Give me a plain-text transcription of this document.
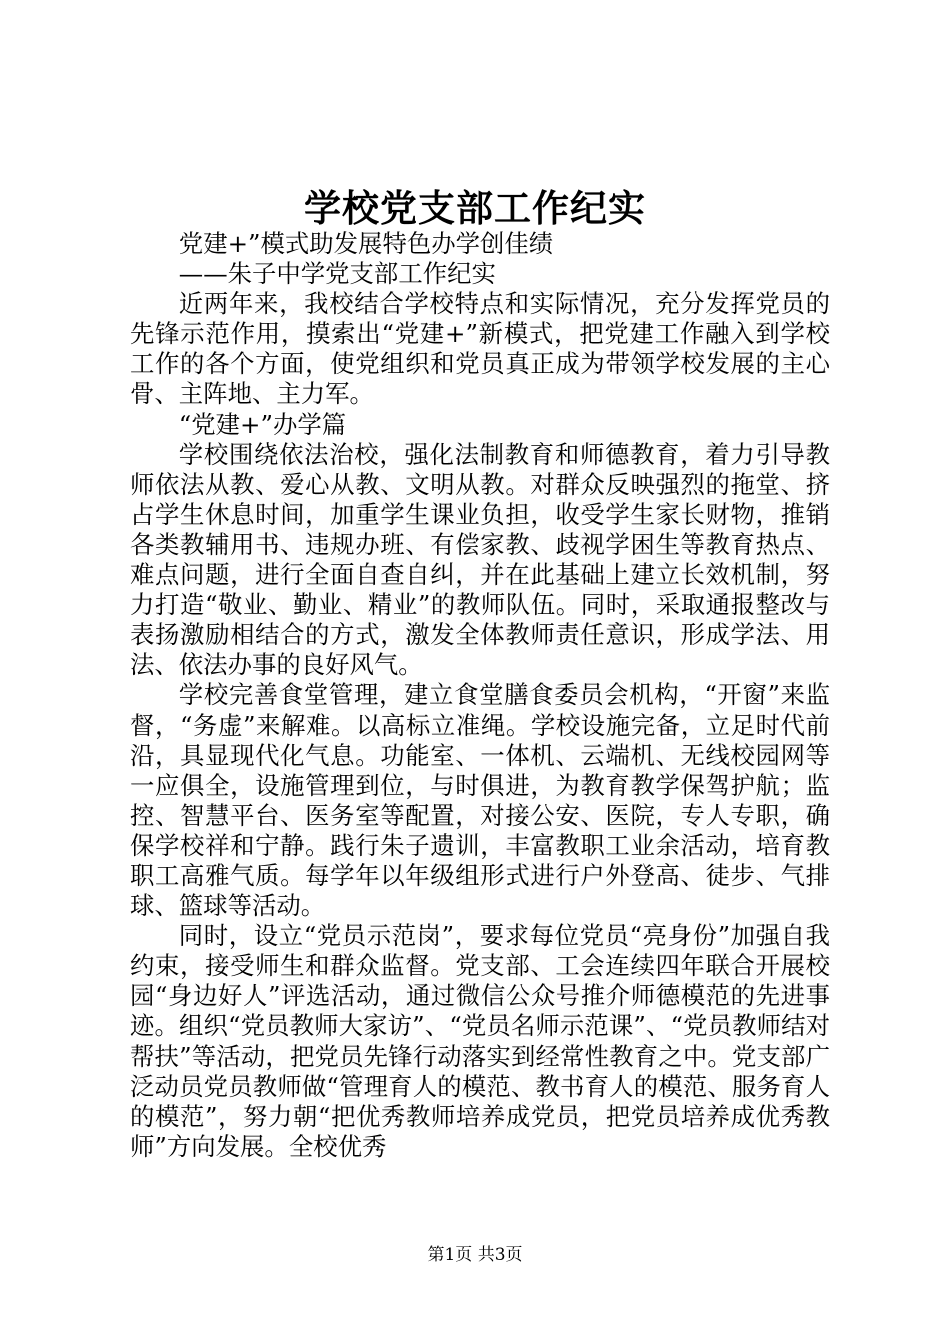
学校党支部工作纪实

党建+”模式助发展特色办学创佳绩

——朱子中学党支部工作纪实

近两年来，我校结合学校特点和实际情况，充分发挥党员的先锋示范作用，摸索出“党建+”新模式，把党建工作融入到学校工作的各个方面，使党组织和党员真正成为带领学校发展的主心骨、主阵地、主力军。

“党建+”办学篇

学校围绕依法治校，强化法制教育和师德教育，着力引导教师依法从教、爱心从教、文明从教。对群众反映强烈的拖堂、挤占学生休息时间，加重学生课业负担，收受学生家长财物，推销各类教辅用书、违规办班、有偿家教、歧视学困生等教育热点、难点问题，进行全面自查自纠，并在此基础上建立长效机制，努力打造“敬业、勤业、精业”的教师队伍。同时，采取通报整改与表扬激励相结合的方式，激发全体教师责任意识，形成学法、用法、依法办事的良好风气。

学校完善食堂管理，建立食堂膳食委员会机构，“开窗”来监督，“务虚”来解难。以高标立准绳。学校设施完备，立足时代前沿，具显现代化气息。功能室、一体机、云端机、无线校园网等一应俱全，设施管理到位，与时俱进，为教育教学保驾护航；监控、智慧平台、医务室等配置，对接公安、医院，专人专职，确保学校祥和宁静。践行朱子遗训，丰富教职工业余活动，培育教职工高雅气质。每学年以年级组形式进行户外登高、徒步、气排球、篮球等活动。

同时，设立“党员示范岗”，要求每位党员“亮身份”加强自我约束，接受师生和群众监督。党支部、工会连续四年联合开展校园“身边好人”评选活动，通过微信公众号推介师德模范的先进事迹。组织“党员教师大家访”、“党员名师示范课”、“党员教师结对帮扶”等活动，把党员先锋行动落实到经常性教育之中。党支部广泛动员党员教师做“管理育人的模范、教书育人的模范、服务育人的模范”，努力朝“把优秀教师培养成党员，把党员培养成优秀教师”方向发展。全校优秀

第1页 共3页
